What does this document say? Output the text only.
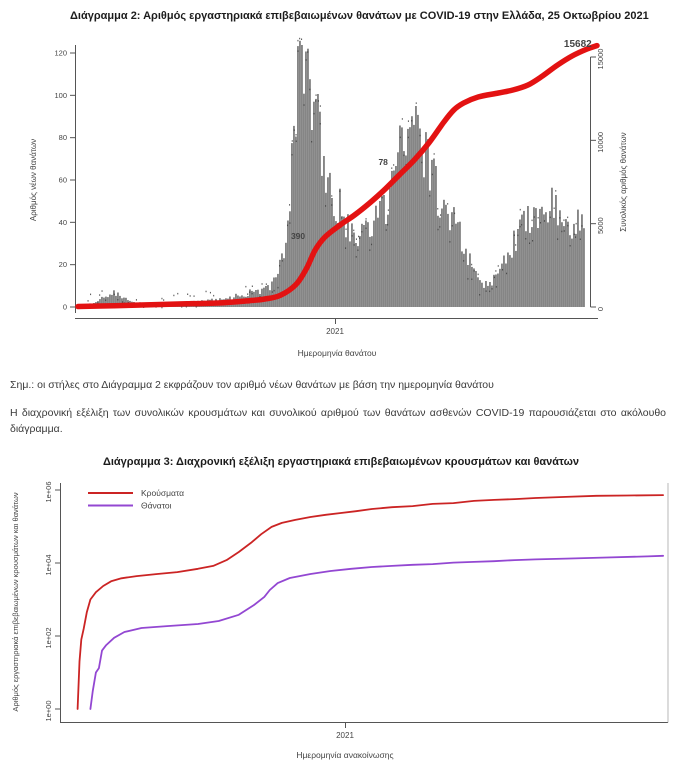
Διάγραμμα 2: Αριθμός εργαστηριακά επιβεβαιωμένων θανάτων με COVID-19 στην Ελλάδα, 25 Οκτωβρίου 2021
0
20
40
60
80
100
120
0
5000
10000
15000
Αριθμός νέων θανάτων	Συνολικός αριθμός θανάτων
2021
Ημερομηνία θανάτου
390
78
15682
Σημ.: οι στήλες στο Διάγραμμα 2 εκφράζουν τον αριθμό νέων θανάτων με βάση την ημερομηνία θανάτου
Η διαχρονική εξέλιξη των συνολικών κρουσμάτων και συνολικού αριθμού των θανάτων ασθενών COVID-19 παρουσιάζεται στο ακόλουθο διάγραμμα.
Διάγραμμα 3: Διαχρονική εξέλιξη εργαστηριακά επιβεβαιωμένων κρουσμάτων και θανάτων
1e+00
1e+02
1e+04
1e+06
Αριθμός εργαστηριακά επιβεβαιωμένων κρουσμάτων και θανάτων
2021
Ημερομηνία ανακοίνωσης
Κρούσματα
Θάνατοι
